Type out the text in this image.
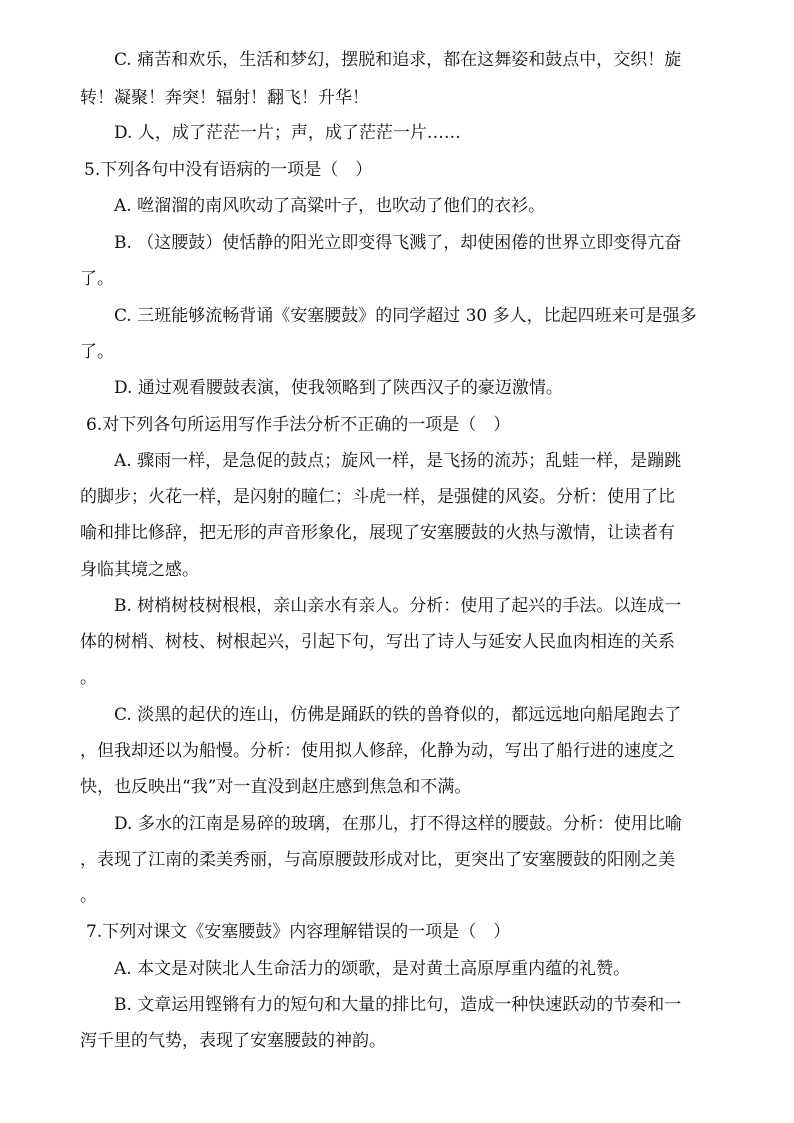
C. 痛苦和欢乐，生活和梦幻，摆脱和追求，都在这舞姿和鼓点中，交织！旋
转！凝聚！奔突！辐射！翻飞！升华！
D. 人，成了茫茫一片；声，成了茫茫一片……
5.下列各句中没有语病的一项是（　）
A. 咝溜溜的南风吹动了高粱叶子，也吹动了他们的衣衫。
B. （这腰鼓）使恬静的阳光立即变得飞溅了，却使困倦的世界立即变得亢奋
了。
C. 三班能够流畅背诵《安塞腰鼓》的同学超过 30 多人，比起四班来可是强多
了。
D. 通过观看腰鼓表演，使我领略到了陕西汉子的豪迈激情。
6.对下列各句所运用写作手法分析不正确的一项是（　）
A. 骤雨一样，是急促的鼓点；旋风一样，是飞扬的流苏；乱蛙一样，是蹦跳
的脚步；火花一样，是闪射的瞳仁；斗虎一样，是强健的风姿。分析：使用了比
喻和排比修辞，把无形的声音形象化，展现了安塞腰鼓的火热与激情，让读者有
身临其境之感。
B. 树梢树枝树根根，亲山亲水有亲人。分析：使用了起兴的手法。以连成一
体的树梢、树枝、树根起兴，引起下句，写出了诗人与延安人民血肉相连的关系
。
C. 淡黑的起伏的连山，仿佛是踊跃的铁的兽脊似的，都远远地向船尾跑去了
，但我却还以为船慢。分析：使用拟人修辞，化静为动，写出了船行进的速度之
快，也反映出“我”对一直没到赵庄感到焦急和不满。
D. 多水的江南是易碎的玻璃，在那儿，打不得这样的腰鼓。分析：使用比喻
，表现了江南的柔美秀丽，与高原腰鼓形成对比，更突出了安塞腰鼓的阳刚之美
。
7.下列对课文《安塞腰鼓》内容理解错误的一项是（　）
A. 本文是对陕北人生命活力的颂歌，是对黄土高原厚重内蕴的礼赞。
B. 文章运用铿锵有力的短句和大量的排比句，造成一种快速跃动的节奏和一
泻千里的气势，表现了安塞腰鼓的神韵。
